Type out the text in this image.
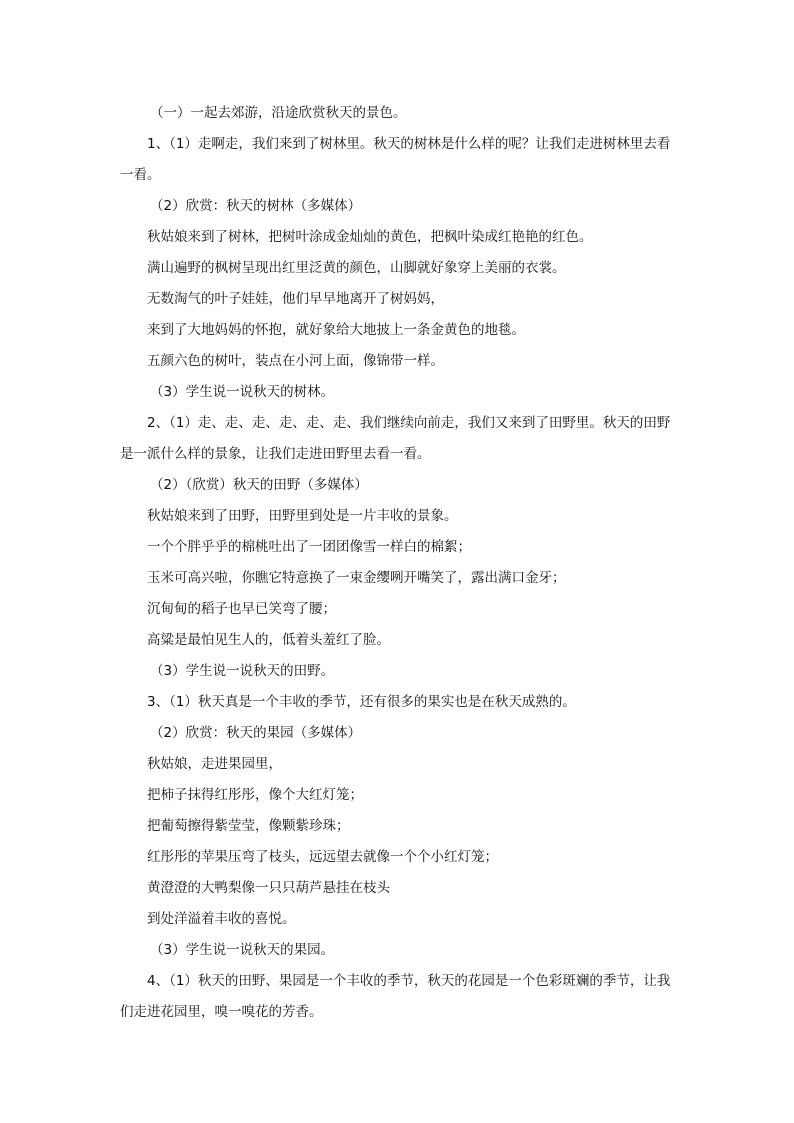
（一）一起去郊游，沿途欣赏秋天的景色。

1、（1）走啊走，我们来到了树林里。秋天的树林是什么样的呢？让我们走进树林里去看一看。

（2）欣赏：秋天的树林（多媒体）

秋姑娘来到了树林，把树叶涂成金灿灿的黄色，把枫叶染成红艳艳的红色。

满山遍野的枫树呈现出红里泛黄的颜色，山脚就好象穿上美丽的衣裳。

无数淘气的叶子娃娃，他们早早地离开了树妈妈，

来到了大地妈妈的怀抱，就好象给大地披上一条金黄色的地毯。

五颜六色的树叶，装点在小河上面，像锦带一样。

（3）学生说一说秋天的树林。

2、（1）走、走、走、走、走、走、我们继续向前走，我们又来到了田野里。秋天的田野是一派什么样的景象，让我们走进田野里去看一看。

（2）（欣赏）秋天的田野（多媒体）

秋姑娘来到了田野，田野里到处是一片丰收的景象。

一个个胖乎乎的棉桃吐出了一团团像雪一样白的棉絮；

玉米可高兴啦，你瞧它特意换了一束金缨咧开嘴笑了，露出满口金牙；

沉甸甸的稻子也早已笑弯了腰；

高粱是最怕见生人的，低着头羞红了脸。

（3）学生说一说秋天的田野。

3、（1）秋天真是一个丰收的季节，还有很多的果实也是在秋天成熟的。

（2）欣赏：秋天的果园（多媒体）

秋姑娘，走进果园里，

把柿子抹得红彤彤，像个大红灯笼；

把葡萄擦得紫莹莹，像颗紫珍珠；

红彤彤的苹果压弯了枝头，远远望去就像一个个小红灯笼；

黄澄澄的大鸭梨像一只只葫芦悬挂在枝头

到处洋溢着丰收的喜悦。

（3）学生说一说秋天的果园。

4、（1）秋天的田野、果园是一个丰收的季节，秋天的花园是一个色彩斑斓的季节，让我们走进花园里，嗅一嗅花的芳香。
